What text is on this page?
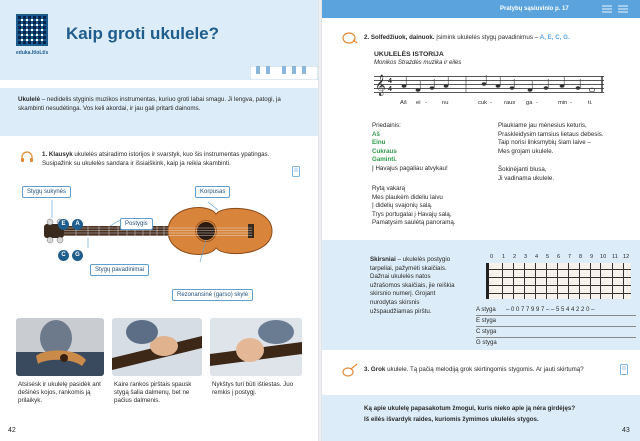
eduka.lt/oLt/s
Kaip groti ukulele?
Ukulelė – nedidelis styginis muzikos instrumentas, kuriuo groti labai smagu. Ji lengva, patogi, ja skambinti nesudėtinga. Vos keli akordai, ir jau gali pritarti dainoms.
1. Klausyk ukulelės atsiradimo istorijos ir svarstyk, kuo šis instrumentas ypatingas.
Susipažink su ukulelės sandara ir išsiaiškink, kaip ja reikia skambinti.
Stygų sukynės	Korpusas
Postygis
Stygų pavadinimai
Rezonansinė (garso) skylė
E	A
C	G
Atsisėsk ir ukulelę pasidėk ant dešinės kojos, rankomis ją prilaikyk.
Kaire rankos pirštais spausk stygą šalia dalmenų, bet ne pačius dalmenis.
Nykštys turi būti ištiestas. Juo remkis į postygį.
42
Pratybų sąsiuvinio p. 17
2. Solfedžiuok, dainuok. Įsimink ukulelės stygų pavadinimus – A, E, C, G.
UKULELĖS ISTORIJA
Monikos Strazdės muzika ir eilės
𝄞 4
4
Aš ei -	nu	cuk - raus ga -	min -	ti.
Priedainis:
Aš
Einu
Cukraus
Gaminti.
Į Havajus pagaliau atvykau!
Rytą vakarą
Mes plaukėm dideliu laivu
Į didelių svajonių salą.
Trys portugalai į Havajų salą,
Pamatysim saulėtą panoramą.
Plaukiame jau mėnesius keturis,
Praskleidysim tamsius lietaus debesis.
Taip norisi linksmybių šiam laive –
Mes grojam ukulele.
Šokinėjanti blusa,
Ji vadinama ukulele.
Skirsniai – ukulelės postygio tarpeliai, pažymėti skaičiais. Dažnai ukulelės natos užrašomos skaičiais, jie reiškia skirsnio numerį. Grojant nurodytas skirsnis užspaudžiamas pirštu.
0 1 2 3 4 5 6 7 8 9 10 11 12
A styga – 0 0 7 7 9 9 7 – – 5 5 4 4 2 2 0 –
E styga
C styga
G styga
3. Grok ukulele. Tą pačią melodiją grok skirtingomis stygomis. Ar jauti skirtumą?
Ką apie ukulelę papasakotum žmogui, kuris nieko apie ją nėra girdėjęs?
Iš eilės išvardyk raides, kuriomis žymimos ukulelės stygos.
43
